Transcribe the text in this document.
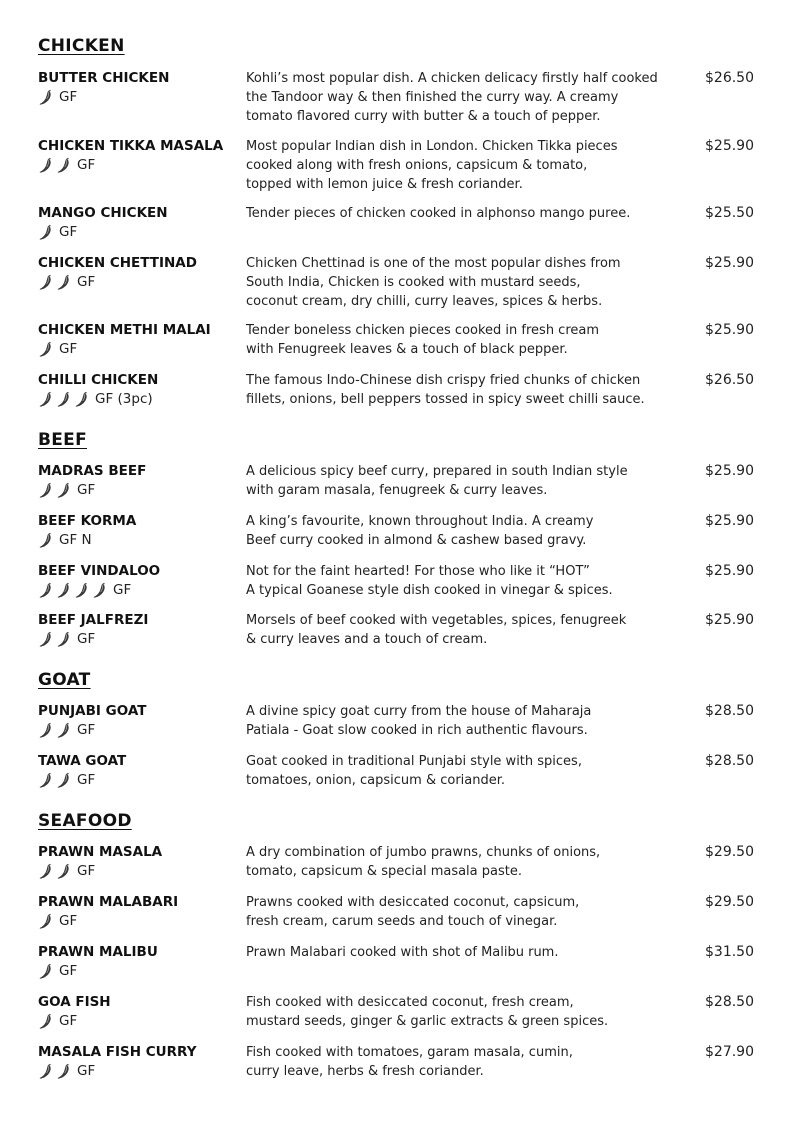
CHICKEN
BUTTER CHICKEN
GF
Kohli’s most popular dish. A chicken delicacy firstly half cooked
the Tandoor way & then finished the curry way. A creamy
tomato flavored curry with butter & a touch of pepper.
$26.50
CHICKEN TIKKA MASALA
GF
Most popular Indian dish in London. Chicken Tikka pieces
cooked along with fresh onions, capsicum & tomato,
topped with lemon juice & fresh coriander.
$25.90
MANGO CHICKEN
GF
Tender pieces of chicken cooked in alphonso mango puree.	$25.50
CHICKEN CHETTINAD
GF
Chicken Chettinad is one of the most popular dishes from
South India, Chicken is cooked with mustard seeds,
coconut cream, dry chilli, curry leaves, spices & herbs.
$25.90
CHICKEN METHI MALAI
GF
Tender boneless chicken pieces cooked in fresh cream
with Fenugreek leaves & a touch of black pepper.
$25.90
CHILLI CHICKEN
GF (3pc)
The famous Indo-Chinese dish crispy fried chunks of chicken
fillets, onions, bell peppers tossed in spicy sweet chilli sauce.
$26.50
BEEF
MADRAS BEEF
GF
A delicious spicy beef curry, prepared in south Indian style
with garam masala, fenugreek & curry leaves.
$25.90
BEEF KORMA
GF N
A king’s favourite, known throughout India. A creamy
Beef curry cooked in almond & cashew based gravy.
$25.90
BEEF VINDALOO
GF
Not for the faint hearted! For those who like it “HOT”
A typical Goanese style dish cooked in vinegar & spices.
$25.90
BEEF JALFREZI
GF
Morsels of beef cooked with vegetables, spices, fenugreek
& curry leaves and a touch of cream.
$25.90
GOAT
PUNJABI GOAT
GF
A divine spicy goat curry from the house of Maharaja
Patiala - Goat slow cooked in rich authentic flavours.
$28.50
TAWA GOAT
GF
Goat cooked in traditional Punjabi style with spices,
tomatoes, onion, capsicum & coriander.
$28.50
SEAFOOD
PRAWN MASALA
GF
A dry combination of jumbo prawns, chunks of onions,
tomato, capsicum & special masala paste.
$29.50
PRAWN MALABARI
GF
Prawns cooked with desiccated coconut, capsicum,
fresh cream, carum seeds and touch of vinegar.
$29.50
PRAWN MALIBU
GF
Prawn Malabari cooked with shot of Malibu rum.	$31.50
GOA FISH
GF
Fish cooked with desiccated coconut, fresh cream,
mustard seeds, ginger & garlic extracts & green spices.
$28.50
MASALA FISH CURRY
GF
Fish cooked with tomatoes, garam masala, cumin,
curry leave, herbs & fresh coriander.
$27.90
